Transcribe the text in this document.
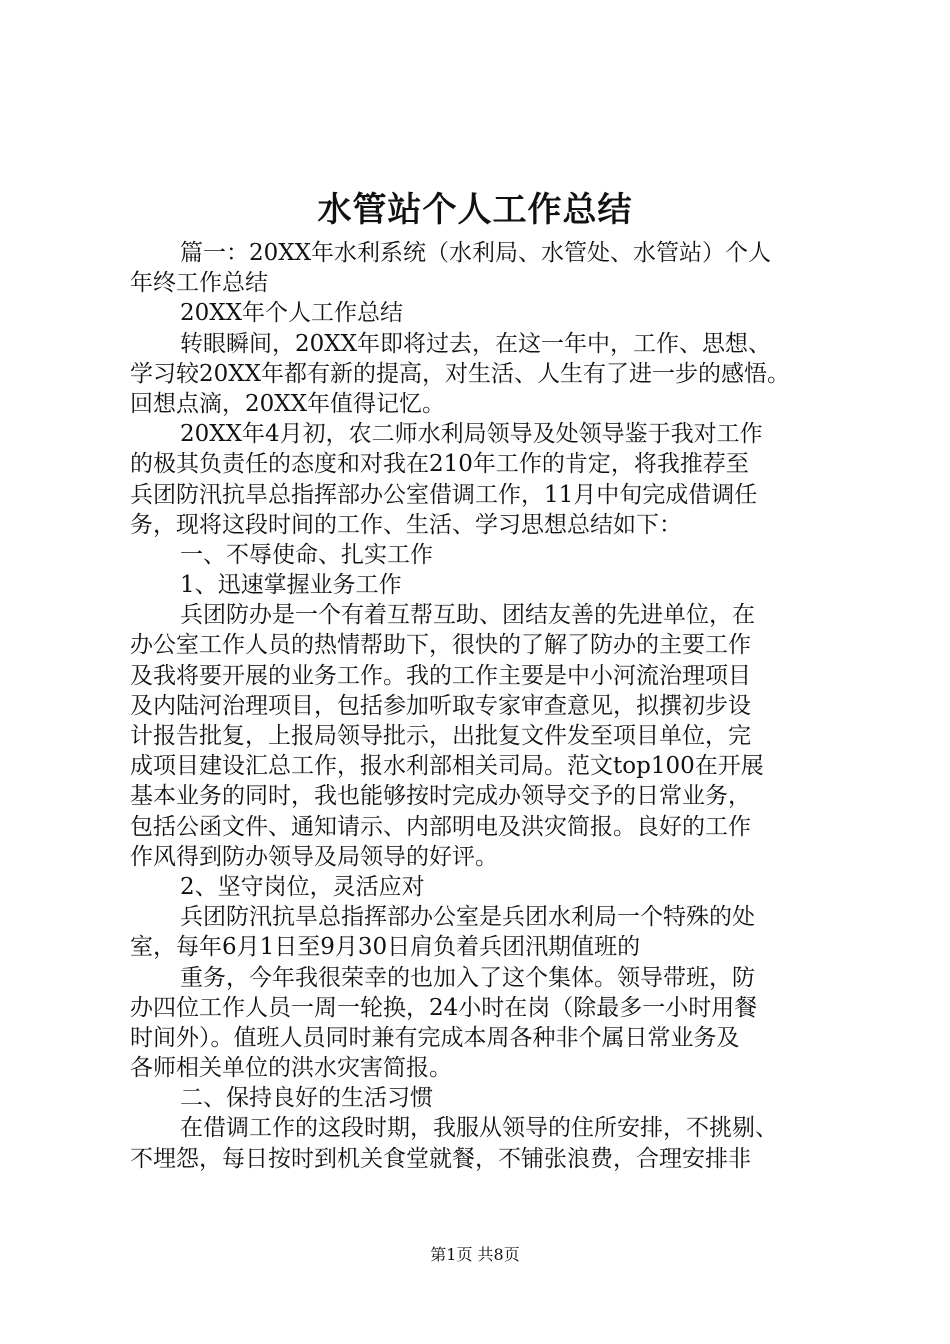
水管站个人工作总结
篇一：20XX年水利系统（水利局、水管处、水管站）个人
年终工作总结
20XX年个人工作总结
转眼瞬间，20XX年即将过去，在这一年中，工作、思想、
学习较20XX年都有新的提高，对生活、人生有了进一步的感悟。
回想点滴，20XX年值得记忆。
20XX年4月初，农二师水利局领导及处领导鉴于我对工作
的极其负责任的态度和对我在210年工作的肯定，将我推荐至
兵团防汛抗旱总指挥部办公室借调工作，11月中旬完成借调任
务，现将这段时间的工作、生活、学习思想总结如下：
一、不辱使命、扎实工作
1、迅速掌握业务工作
兵团防办是一个有着互帮互助、团结友善的先进单位，在
办公室工作人员的热情帮助下，很快的了解了防办的主要工作
及我将要开展的业务工作。我的工作主要是中小河流治理项目
及内陆河治理项目，包括参加听取专家审查意见，拟撰初步设
计报告批复，上报局领导批示，出批复文件发至项目单位，完
成项目建设汇总工作，报水利部相关司局。范文top100在开展
基本业务的同时，我也能够按时完成办领导交予的日常业务，
包括公函文件、通知请示、内部明电及洪灾简报。良好的工作
作风得到防办领导及局领导的好评。
2、坚守岗位，灵活应对
兵团防汛抗旱总指挥部办公室是兵团水利局一个特殊的处
室，每年6月1日至9月30日肩负着兵团汛期值班的
重务，今年我很荣幸的也加入了这个集体。领导带班，防
办四位工作人员一周一轮换，24小时在岗（除最多一小时用餐
时间外）。值班人员同时兼有完成本周各种非个属日常业务及
各师相关单位的洪水灾害简报。
二、保持良好的生活习惯
在借调工作的这段时期，我服从领导的住所安排，不挑剔、
不埋怨，每日按时到机关食堂就餐，不铺张浪费，合理安排非
第1页 共8页
